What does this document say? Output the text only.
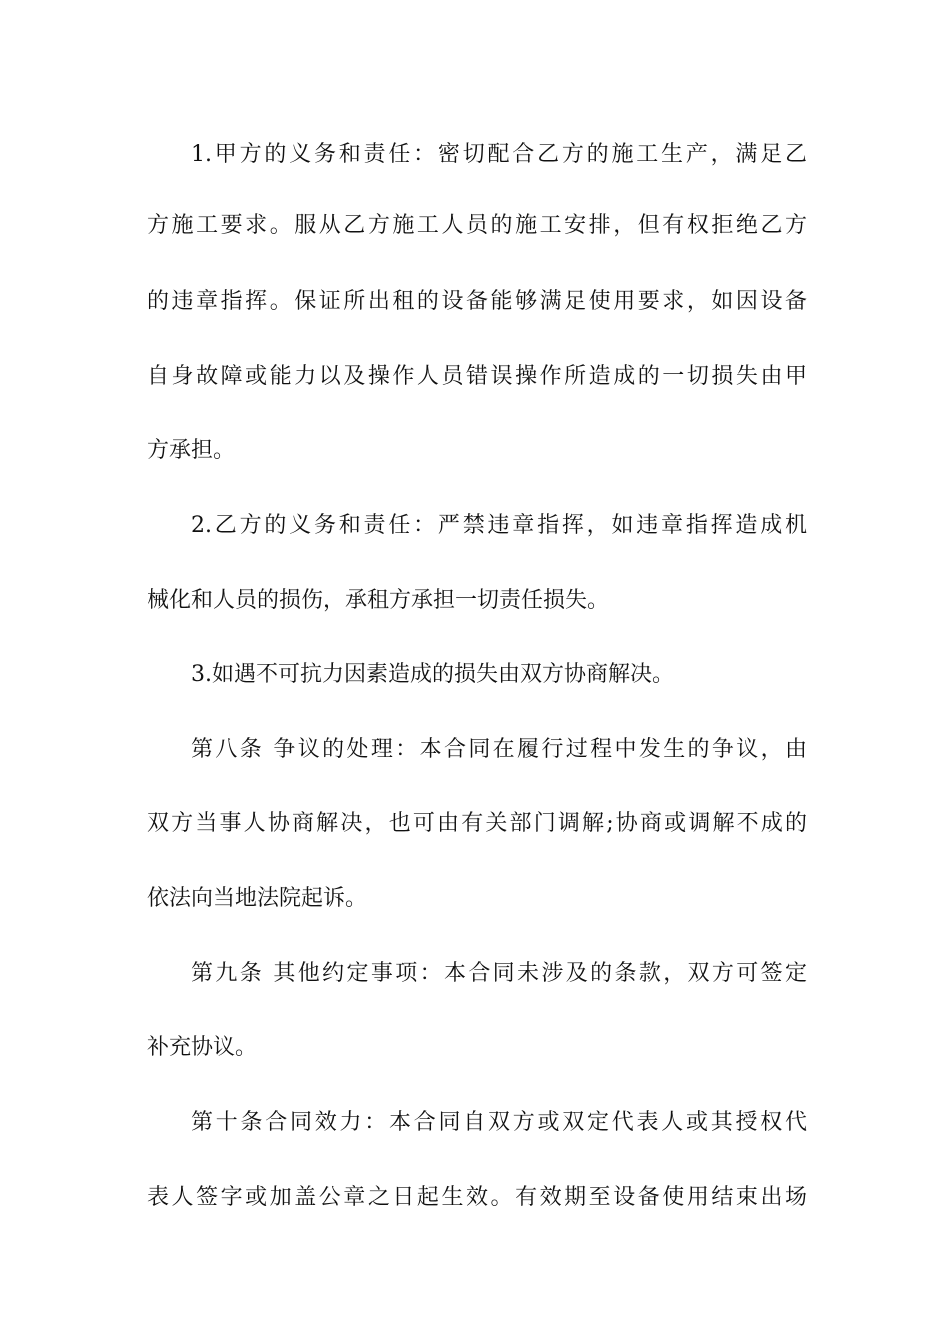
1.甲方的义务和责任：密切配合乙方的施工生产，满足乙
方施工要求。服从乙方施工人员的施工安排，但有权拒绝乙方
的违章指挥。保证所出租的设备能够满足使用要求，如因设备
自身故障或能力以及操作人员错误操作所造成的一切损失由甲
方承担。
2.乙方的义务和责任：严禁违章指挥，如违章指挥造成机
械化和人员的损伤，承租方承担一切责任损失。
3.如遇不可抗力因素造成的损失由双方协商解决。
第八条 争议的处理：本合同在履行过程中发生的争议，由
双方当事人协商解决，也可由有关部门调解;协商或调解不成的
依法向当地法院起诉。
第九条 其他约定事项：本合同未涉及的条款，双方可签定
补充协议。
第十条合同效力：本合同自双方或双定代表人或其授权代
表人签字或加盖公章之日起生效。有效期至设备使用结束出场
